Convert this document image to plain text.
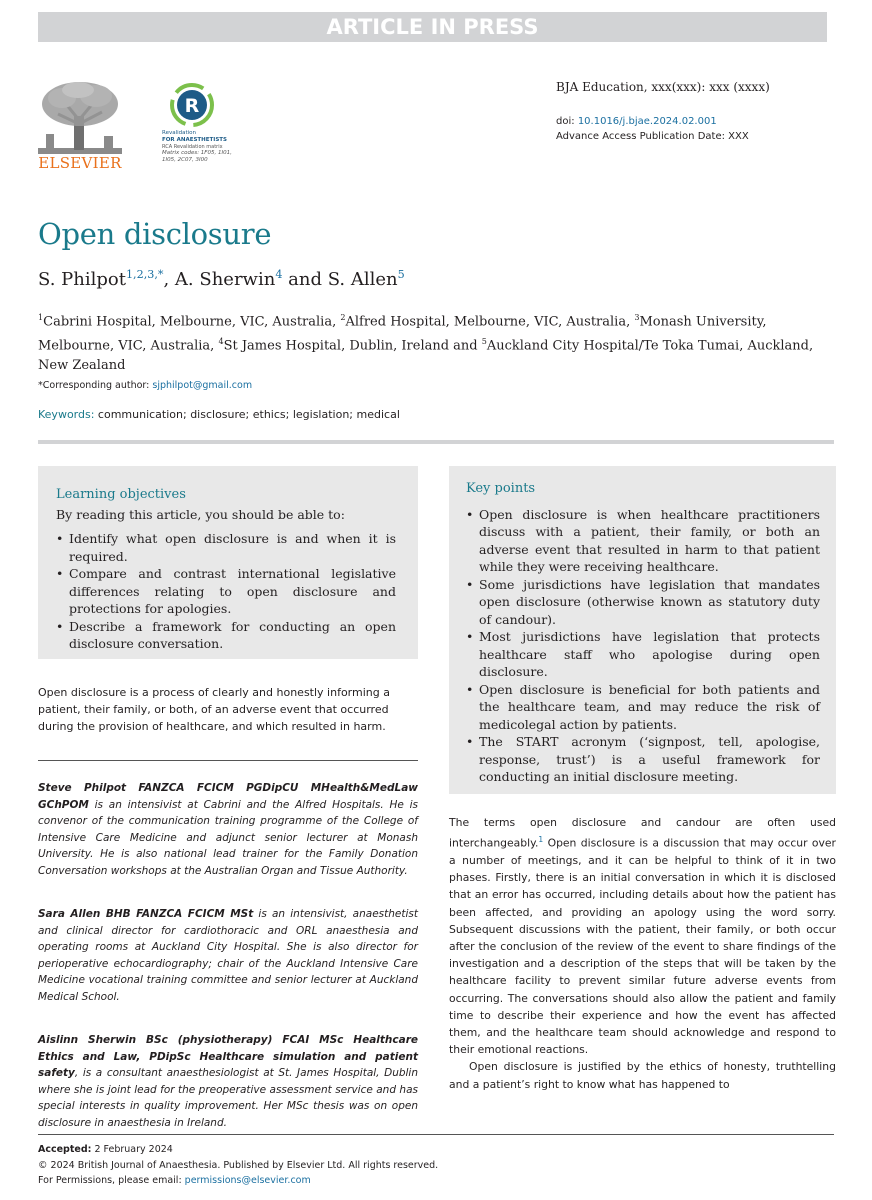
ARTICLE IN PRESS
ELSEVIER
R
Revalidation
FOR ANAESTHETISTS
RCA Revalidation matrix
Matrix codes: 1F05, 1I01, 1I05, 2C07, 3I00
BJA Education, xxx(xxx): xxx (xxxx)
doi: 10.1016/j.bjae.2024.02.001
Advance Access Publication Date: XXX
Open disclosure
S. Philpot$^{1,2,3,*}$, A. Sherwin$^4$ and S. Allen$^5$
$^1$Cabrini Hospital, Melbourne, VIC, Australia, $^2$Alfred Hospital, Melbourne, VIC, Australia, $^3$Monash University, Melbourne, VIC, Australia, $^4$St James Hospital, Dublin, Ireland and $^5$Auckland City Hospital/Te Toka Tumai, Auckland, New Zealand
*Corresponding author: sjphilpot@gmail.com
Keywords: communication; disclosure; ethics; legislation; medical
Learning objectives
By reading this article, you should be able to:
• Identify what open disclosure is and when it is required.
• Compare and contrast international legislative differences relating to open disclosure and protections for apologies.
• Describe a framework for conducting an open disclosure conversation.
Key points
• Open disclosure is when healthcare practitioners discuss with a patient, their family, or both an adverse event that resulted in harm to that patient while they were receiving healthcare.
• Some jurisdictions have legislation that mandates open disclosure (otherwise known as statutory duty of candour).
• Most jurisdictions have legislation that protects healthcare staff who apologise during open disclosure.
• Open disclosure is beneficial for both patients and the healthcare team, and may reduce the risk of medicolegal action by patients.
• The START acronym (‘signpost, tell, apologise, response, trust’) is a useful framework for conducting an initial disclosure meeting.
Open disclosure is a process of clearly and honestly informing a patient, their family, or both, of an adverse event that occurred during the provision of healthcare, and which resulted in harm.
Steve Philpot FANZCA FCICM PGDipCU MHealth&MedLaw GChPOM is an intensivist at Cabrini and the Alfred Hospitals. He is convenor of the communication training programme of the College of Intensive Care Medicine and adjunct senior lecturer at Monash University. He is also national lead trainer for the Family Donation Conversation workshops at the Australian Organ and Tissue Authority.
Sara Allen BHB FANZCA FCICM MSt is an intensivist, anaesthetist and clinical director for cardiothoracic and ORL anaesthesia and operating rooms at Auckland City Hospital. She is also director for perioperative echocardiography; chair of the Auckland Intensive Care Medicine vocational training committee and senior lecturer at Auckland Medical School.
Aislinn Sherwin BSc (physiotherapy) FCAI MSc Healthcare Ethics and Law, PDipSc Healthcare simulation and patient safety, is a consultant anaesthesiologist at St. James Hospital, Dublin where she is joint lead for the preoperative assessment service and has special interests in quality improvement. Her MSc thesis was on open disclosure in anaesthesia in Ireland.

The terms open disclosure and candour are often used interchangeably.$^1$ Open disclosure is a discussion that may occur over a number of meetings, and it can be helpful to think of it in two phases. Firstly, there is an initial conversation in which it is disclosed that an error has occurred, including details about how the patient has been affected, and providing an apology using the word sorry. Subsequent discussions with the patient, their family, or both occur after the conclusion of the review of the event to share findings of the investigation and a description of the steps that will be taken by the healthcare facility to prevent similar future adverse events from occurring. The conversations should also allow the patient and family time to describe their experience and how the event has affected them, and the healthcare team should acknowledge and respond to their emotional reactions.

Open disclosure is justified by the ethics of honesty, truthtelling and a patient’s right to know what has happened to

Accepted: 2 February 2024
© 2024 British Journal of Anaesthesia. Published by Elsevier Ltd. All rights reserved.
For Permissions, please email: permissions@elsevier.com
